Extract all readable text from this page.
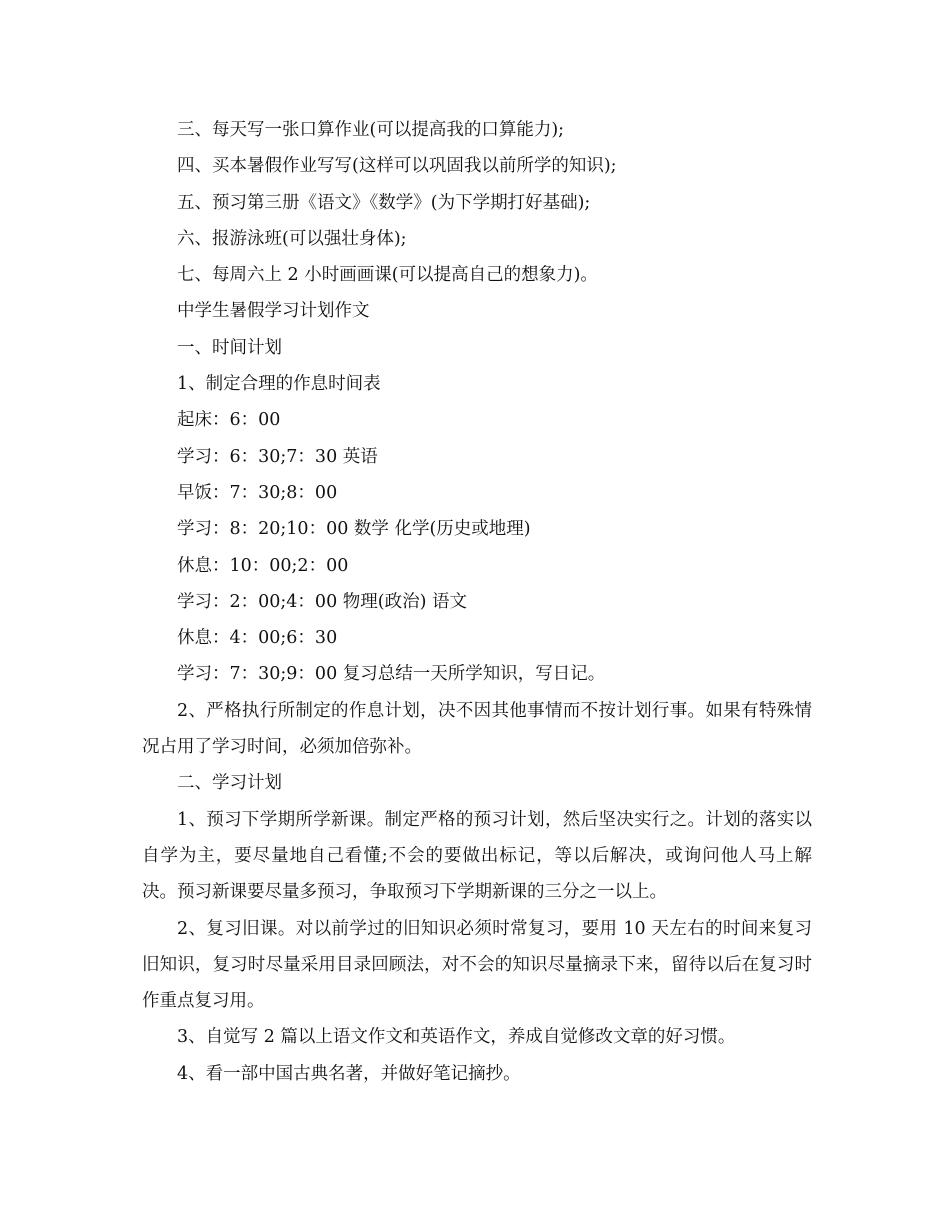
三、每天写一张口算作业(可以提高我的口算能力);

四、买本暑假作业写写(这样可以巩固我以前所学的知识);

五、预习第三册《语文》《数学》(为下学期打好基础);

六、报游泳班(可以强壮身体);

七、每周六上 2 小时画画课(可以提高自己的想象力)。

中学生暑假学习计划作文

一、时间计划

1、制定合理的作息时间表

起床：6：00

学习：6：30;7：30 英语

早饭：7：30;8：00

学习：8：20;10：00 数学 化学(历史或地理)

休息：10：00;2：00

学习：2：00;4：00 物理(政治) 语文

休息：4：00;6：30

学习：7：30;9：00 复习总结一天所学知识，写日记。

2、严格执行所制定的作息计划，决不因其他事情而不按计划行事。如果有特殊情况占用了学习时间，必须加倍弥补。

二、学习计划

1、预习下学期所学新课。制定严格的预习计划，然后坚决实行之。计划的落实以自学为主，要尽量地自己看懂;不会的要做出标记，等以后解决，或询问他人马上解决。预习新课要尽量多预习，争取预习下学期新课的三分之一以上。

2、复习旧课。对以前学过的旧知识必须时常复习，要用 10 天左右的时间来复习旧知识，复习时尽量采用目录回顾法，对不会的知识尽量摘录下来，留待以后在复习时作重点复习用。

3、自觉写 2 篇以上语文作文和英语作文，养成自觉修改文章的好习惯。

4、看一部中国古典名著，并做好笔记摘抄。
